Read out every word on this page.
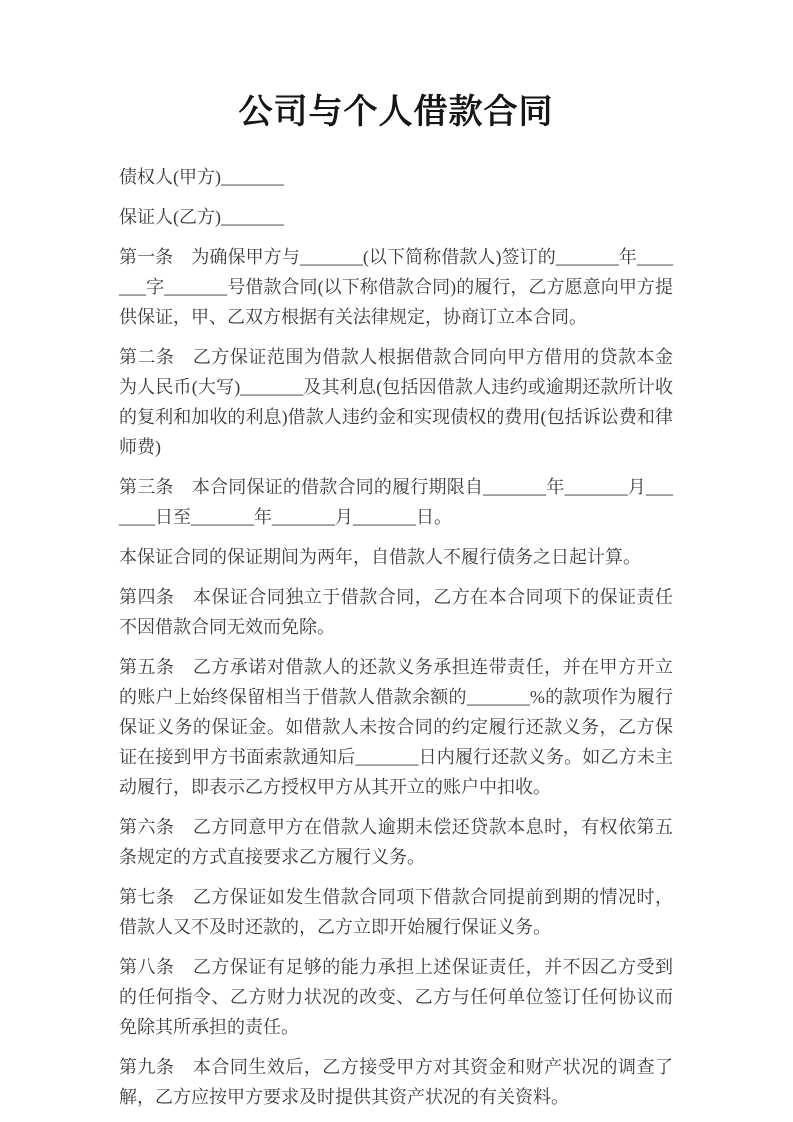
公司与个人借款合同

债权人(甲方)_______

保证人(乙方)_______

第一条　为确保甲方与_______(以下简称借款人)签订的_______年_______字_______号借款合同(以下称借款合同)的履行，乙方愿意向甲方提供保证，甲、乙双方根据有关法律规定，协商订立本合同。

第二条　乙方保证范围为借款人根据借款合同向甲方借用的贷款本金为人民币(大写)_______及其利息(包括因借款人违约或逾期还款所计收的复利和加收的利息)借款人违约金和实现债权的费用(包括诉讼费和律师费)

第三条　本合同保证的借款合同的履行期限自_______年_______月_______日至_______年_______月_______日。

本保证合同的保证期间为两年，自借款人不履行债务之日起计算。

第四条　本保证合同独立于借款合同，乙方在本合同项下的保证责任不因借款合同无效而免除。

第五条　乙方承诺对借款人的还款义务承担连带责任，并在甲方开立的账户上始终保留相当于借款人借款余额的_______%的款项作为履行保证义务的保证金。如借款人未按合同的约定履行还款义务，乙方保证在接到甲方书面索款通知后_______日内履行还款义务。如乙方未主动履行，即表示乙方授权甲方从其开立的账户中扣收。

第六条　乙方同意甲方在借款人逾期未偿还贷款本息时，有权依第五条规定的方式直接要求乙方履行义务。

第七条　乙方保证如发生借款合同项下借款合同提前到期的情况时，借款人又不及时还款的，乙方立即开始履行保证义务。

第八条　乙方保证有足够的能力承担上述保证责任，并不因乙方受到的任何指令、乙方财力状况的改变、乙方与任何单位签订任何协议而免除其所承担的责任。

第九条　本合同生效后，乙方接受甲方对其资金和财产状况的调查了解，乙方应按甲方要求及时提供其资产状况的有关资料。
